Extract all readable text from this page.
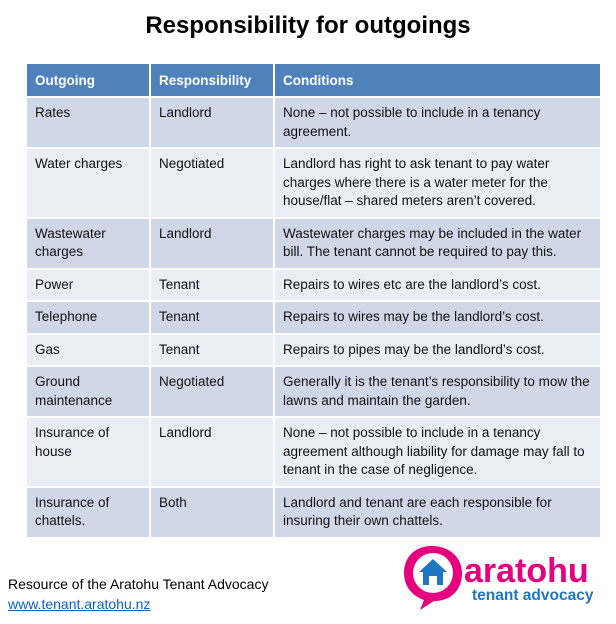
Responsibility for outgoings
Outgoing	Responsibility	Conditions
Rates	Landlord	None – not possible to include in a tenancy agreement.
Water charges	Negotiated	Landlord has right to ask tenant to pay water charges where there is a water meter for the house/flat – shared meters aren’t covered.
Wastewater charges	Landlord	Wastewater charges may be included in the water bill. The tenant cannot be required to pay this.
Power	Tenant	Repairs to wires etc are the landlord’s cost.
Telephone	Tenant	Repairs to wires may be the landlord’s cost.
Gas	Tenant	Repairs to pipes may be the landlord’s cost.
Ground maintenance	Negotiated	Generally it is the tenant’s responsibility to mow the lawns and maintain the garden.
Insurance of house	Landlord	None – not possible to include in a tenancy agreement although liability for damage may fall to tenant in the case of negligence.
Insurance of chattels.	Both	Landlord and tenant are each responsible for insuring their own chattels.
Resource of the Aratohu Tenant Advocacy
www.tenant.aratohu.nz
aratohu
tenant advocacy
